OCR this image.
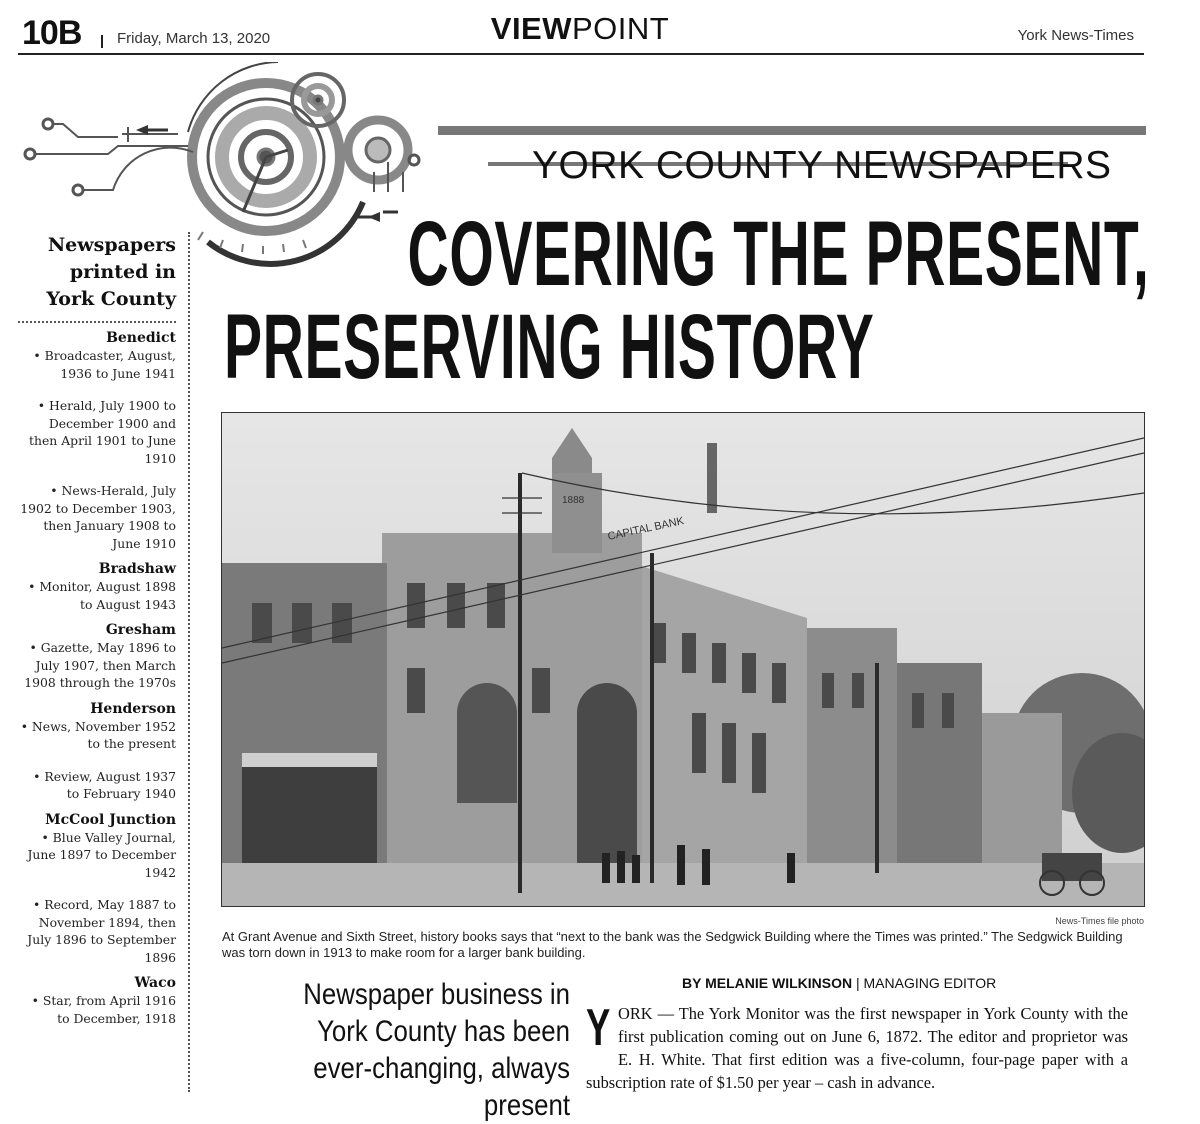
10B Friday, March 13, 2020	VIEWPOINT	York News-Times
Newspapers
printed in
York County
Benedict
• Broadcaster, August, 1936 to June 1941
• Herald, July 1900 to December 1900 and then April 1901 to June 1910
• News-Herald, July 1902 to December 1903, then January 1908 to June 1910
Bradshaw
• Monitor, August 1898 to August 1943
Gresham
• Gazette, May 1896 to July 1907, then March 1908 through the 1970s
Henderson
• News, November 1952 to the present
• Review, August 1937 to February 1940
McCool Junction
• Blue Valley Journal, June 1897 to December 1942
• Record, May 1887 to November 1894, then July 1896 to September 1896
Waco
• Star, from April 1916 to December, 1918
YORK COUNTY NEWSPAPERS
COVERING THE PRESENT,
PRESERVING HISTORY
CAPITAL BANK
1888
News-Times file photo
At Grant Avenue and Sixth Street, history books says that “next to the bank was the Sedgwick Building where the Times was printed.” The Sedgwick Building was torn down in 1913 to make room for a larger bank building.
Newspaper business in York County has been ever-changing, always present
BY MELANIE WILKINSON | MANAGING EDITOR
Y ORK — The York Monitor was the first newspaper in York County with the first publication coming out on June 6, 1872. The editor and proprietor was E. H. White. That first edition was a five-column, four-page paper with a subscription rate of $1.50 per year – cash in advance.
